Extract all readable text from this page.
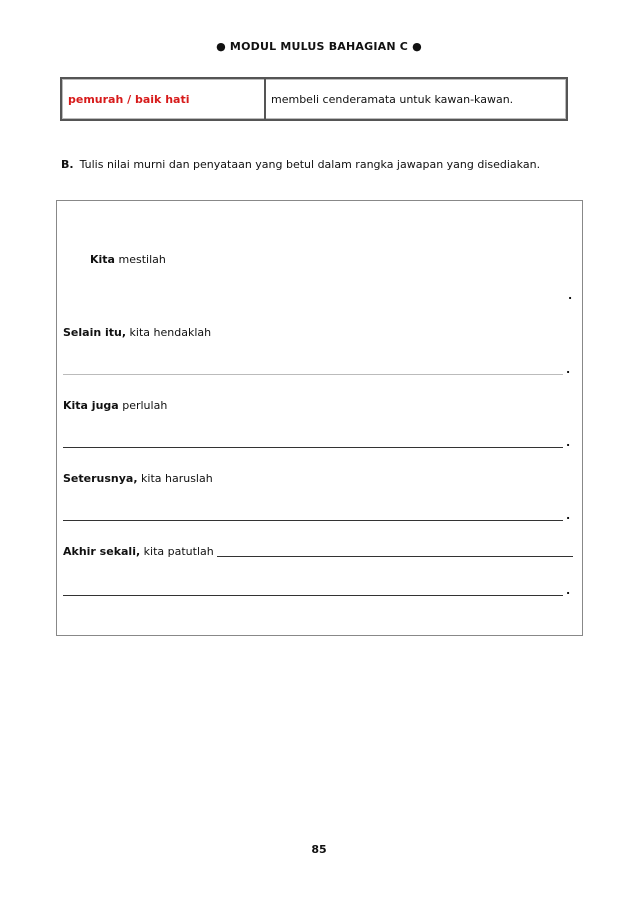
● MODUL MULUS BAHAGIAN C ●
pemurah / baik hati	membeli cenderamata untuk kawan-kawan.
B. Tulis nilai murni dan penyataan yang betul dalam rangka jawapan yang disediakan.
Kita mestilah
.
Selain itu, kita hendaklah
.
Kita juga perlulah
.
Seterusnya, kita haruslah
.
Akhir sekali, kita patutlah
.
85
